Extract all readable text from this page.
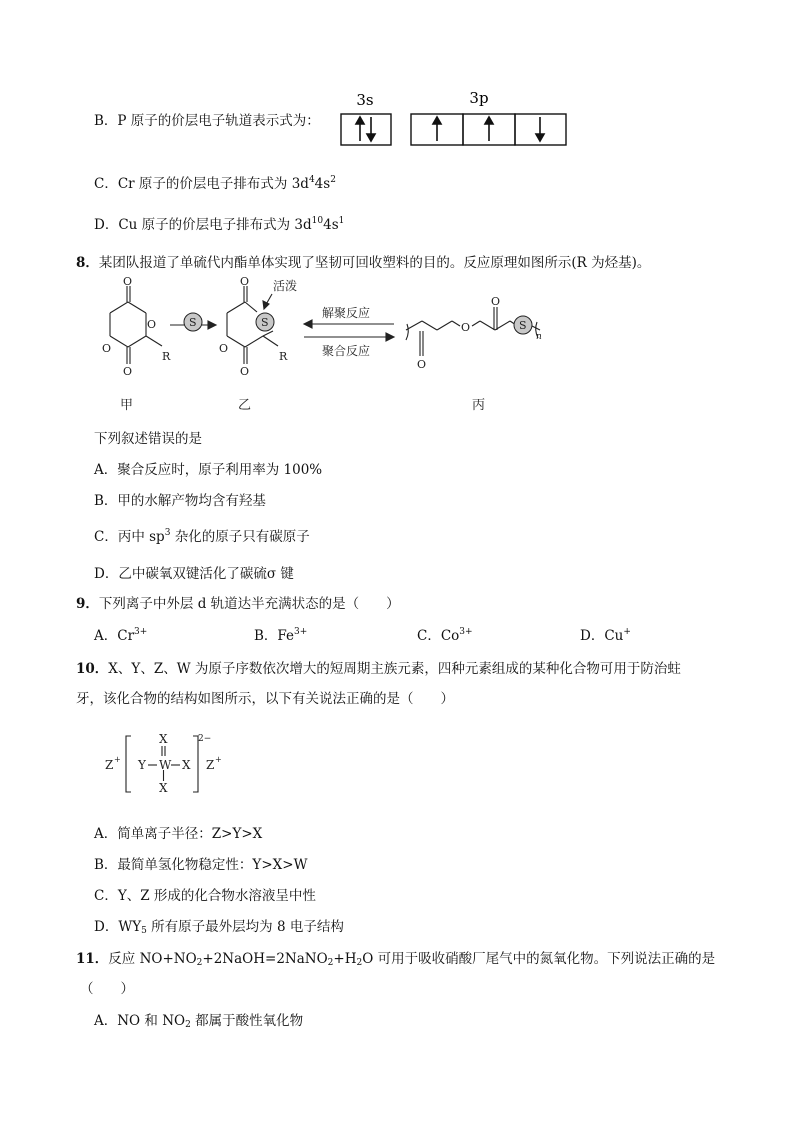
B．P 原子的价层电子轨道表示式为：
3s	3p
C．Cr 原子的价层电子排布式为 $3d^44s^2$
D．Cu 原子的价层电子排布式为 $3d^{10}4s^1$
8．某团队报道了单硫代内酯单体实现了坚韧可回收塑料的目的。反应原理如图所示(R 为烃基)。
O
O
O
O
R
S
O
S
O
O
R
活泼
解聚反应
聚合反应
O
O
O
S
n
甲	乙	丙
下列叙述错误的是
A．聚合反应时，原子利用率为 100%
B．甲的水解产物均含有羟基
C．丙中 $sp^3$ 杂化的原子只有碳原子
D．乙中碳氧双键活化了碳硫σ 键
9．下列离子中外层 d 轨道达半充满状态的是（　　）
A．$Cr^{3+}$	B．$Fe^{3+}$	C．$Co^{3+}$	D．Cu+
10．X、Y、Z、W 为原子序数依次增大的短周期主族元素，四种元素组成的某种化合物可用于防治蛀
牙，该化合物的结构如图所示，以下有关说法正确的是（　　）
Z + Y W
X
X
X
2−
Z +
A．简单离子半径：Z>Y>X
B．最简单氢化物稳定性：Y>X>W
C．Y、Z 形成的化合物水溶液呈中性
D．$WY_5$ 所有原子最外层均为 8 电子结构
11．反应 $NO+NO_2+2NaOH=2NaNO_2+H_2O$ 可用于吸收硝酸厂尾气中的氮氧化物。下列说法正确的是
（　　）
A．NO 和 $NO_2$ 都属于酸性氧化物
